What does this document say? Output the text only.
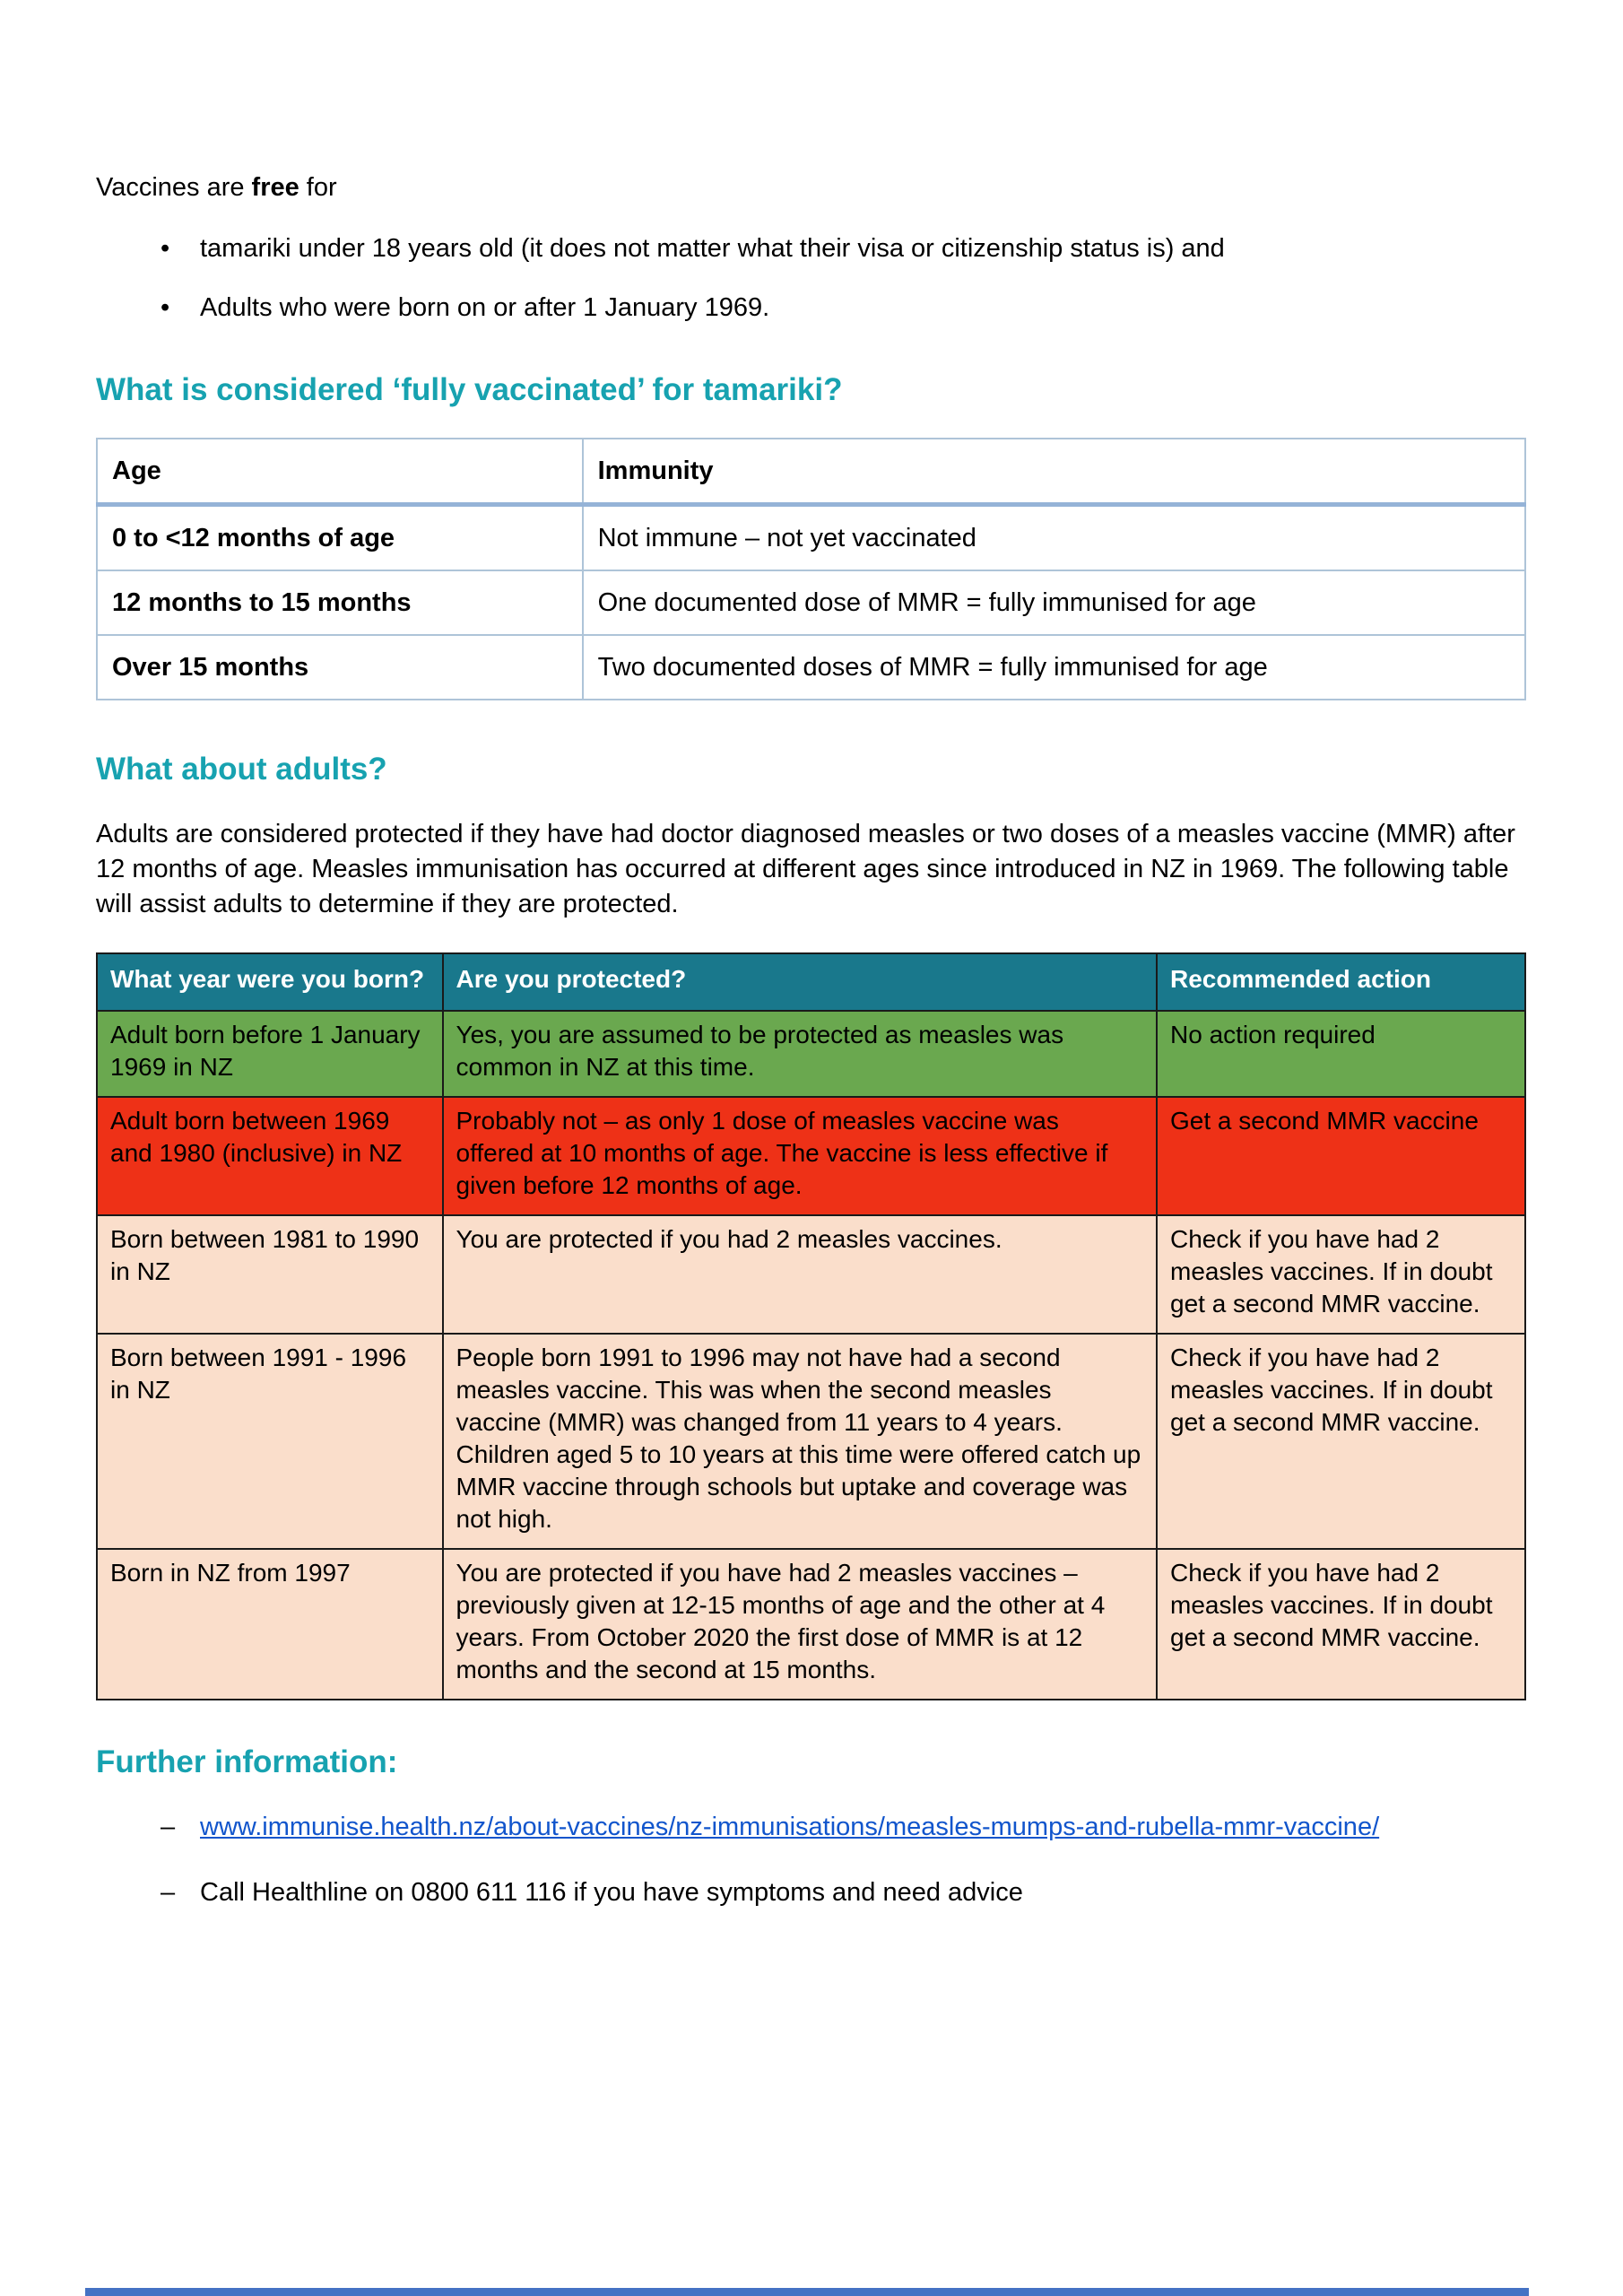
Vaccines are free for

•	tamariki under 18 years old (it does not matter what their visa or citizenship status is) and
•	Adults who were born on or after 1 January 1969.
What is considered ‘fully vaccinated’ for tamariki?
Age	Immunity
0 to <12 months of age	Not immune – not yet vaccinated
12 months to 15 months	One documented dose of MMR = fully immunised for age
Over 15 months	Two documented doses of MMR = fully immunised for age
What about adults?

Adults are considered protected if they have had doctor diagnosed measles or two doses of a measles vaccine (MMR) after 12 months of age. Measles immunisation has occurred at different ages since introduced in NZ in 1969. The following table will assist adults to determine if they are protected.

What year were you born?	Are you protected?	Recommended action
Adult born before 1 January 1969 in NZ	Yes, you are assumed to be protected as measles was common in NZ at this time.	No action required
Adult born between 1969 and 1980 (inclusive) in NZ	Probably not – as only 1 dose of measles vaccine was offered at 10 months of age. The vaccine is less effective if given before 12 months of age.	Get a second MMR vaccine
Born between 1981 to 1990 in NZ	You are protected if you had 2 measles vaccines.	Check if you have had 2 measles vaccines. If in doubt get a second MMR vaccine.
Born between 1991 - 1996 in NZ	People born 1991 to 1996 may not have had a second measles vaccine. This was when the second measles vaccine (MMR) was changed from 11 years to 4 years. Children aged 5 to 10 years at this time were offered catch up MMR vaccine through schools but uptake and coverage was not high.	Check if you have had 2 measles vaccines. If in doubt get a second MMR vaccine.
Born in NZ from 1997	You are protected if you have had 2 measles vaccines – previously given at 12-15 months of age and the other at 4 years. From October 2020 the first dose of MMR is at 12 months and the second at 15 months.	Check if you have had 2 measles vaccines. If in doubt get a second MMR vaccine.
Further information:
– www.immunise.health.nz/about-vaccines/nz-immunisations/measles-mumps-and-rubella-mmr-vaccine/
– Call Healthline on 0800 611 116 if you have symptoms and need advice
